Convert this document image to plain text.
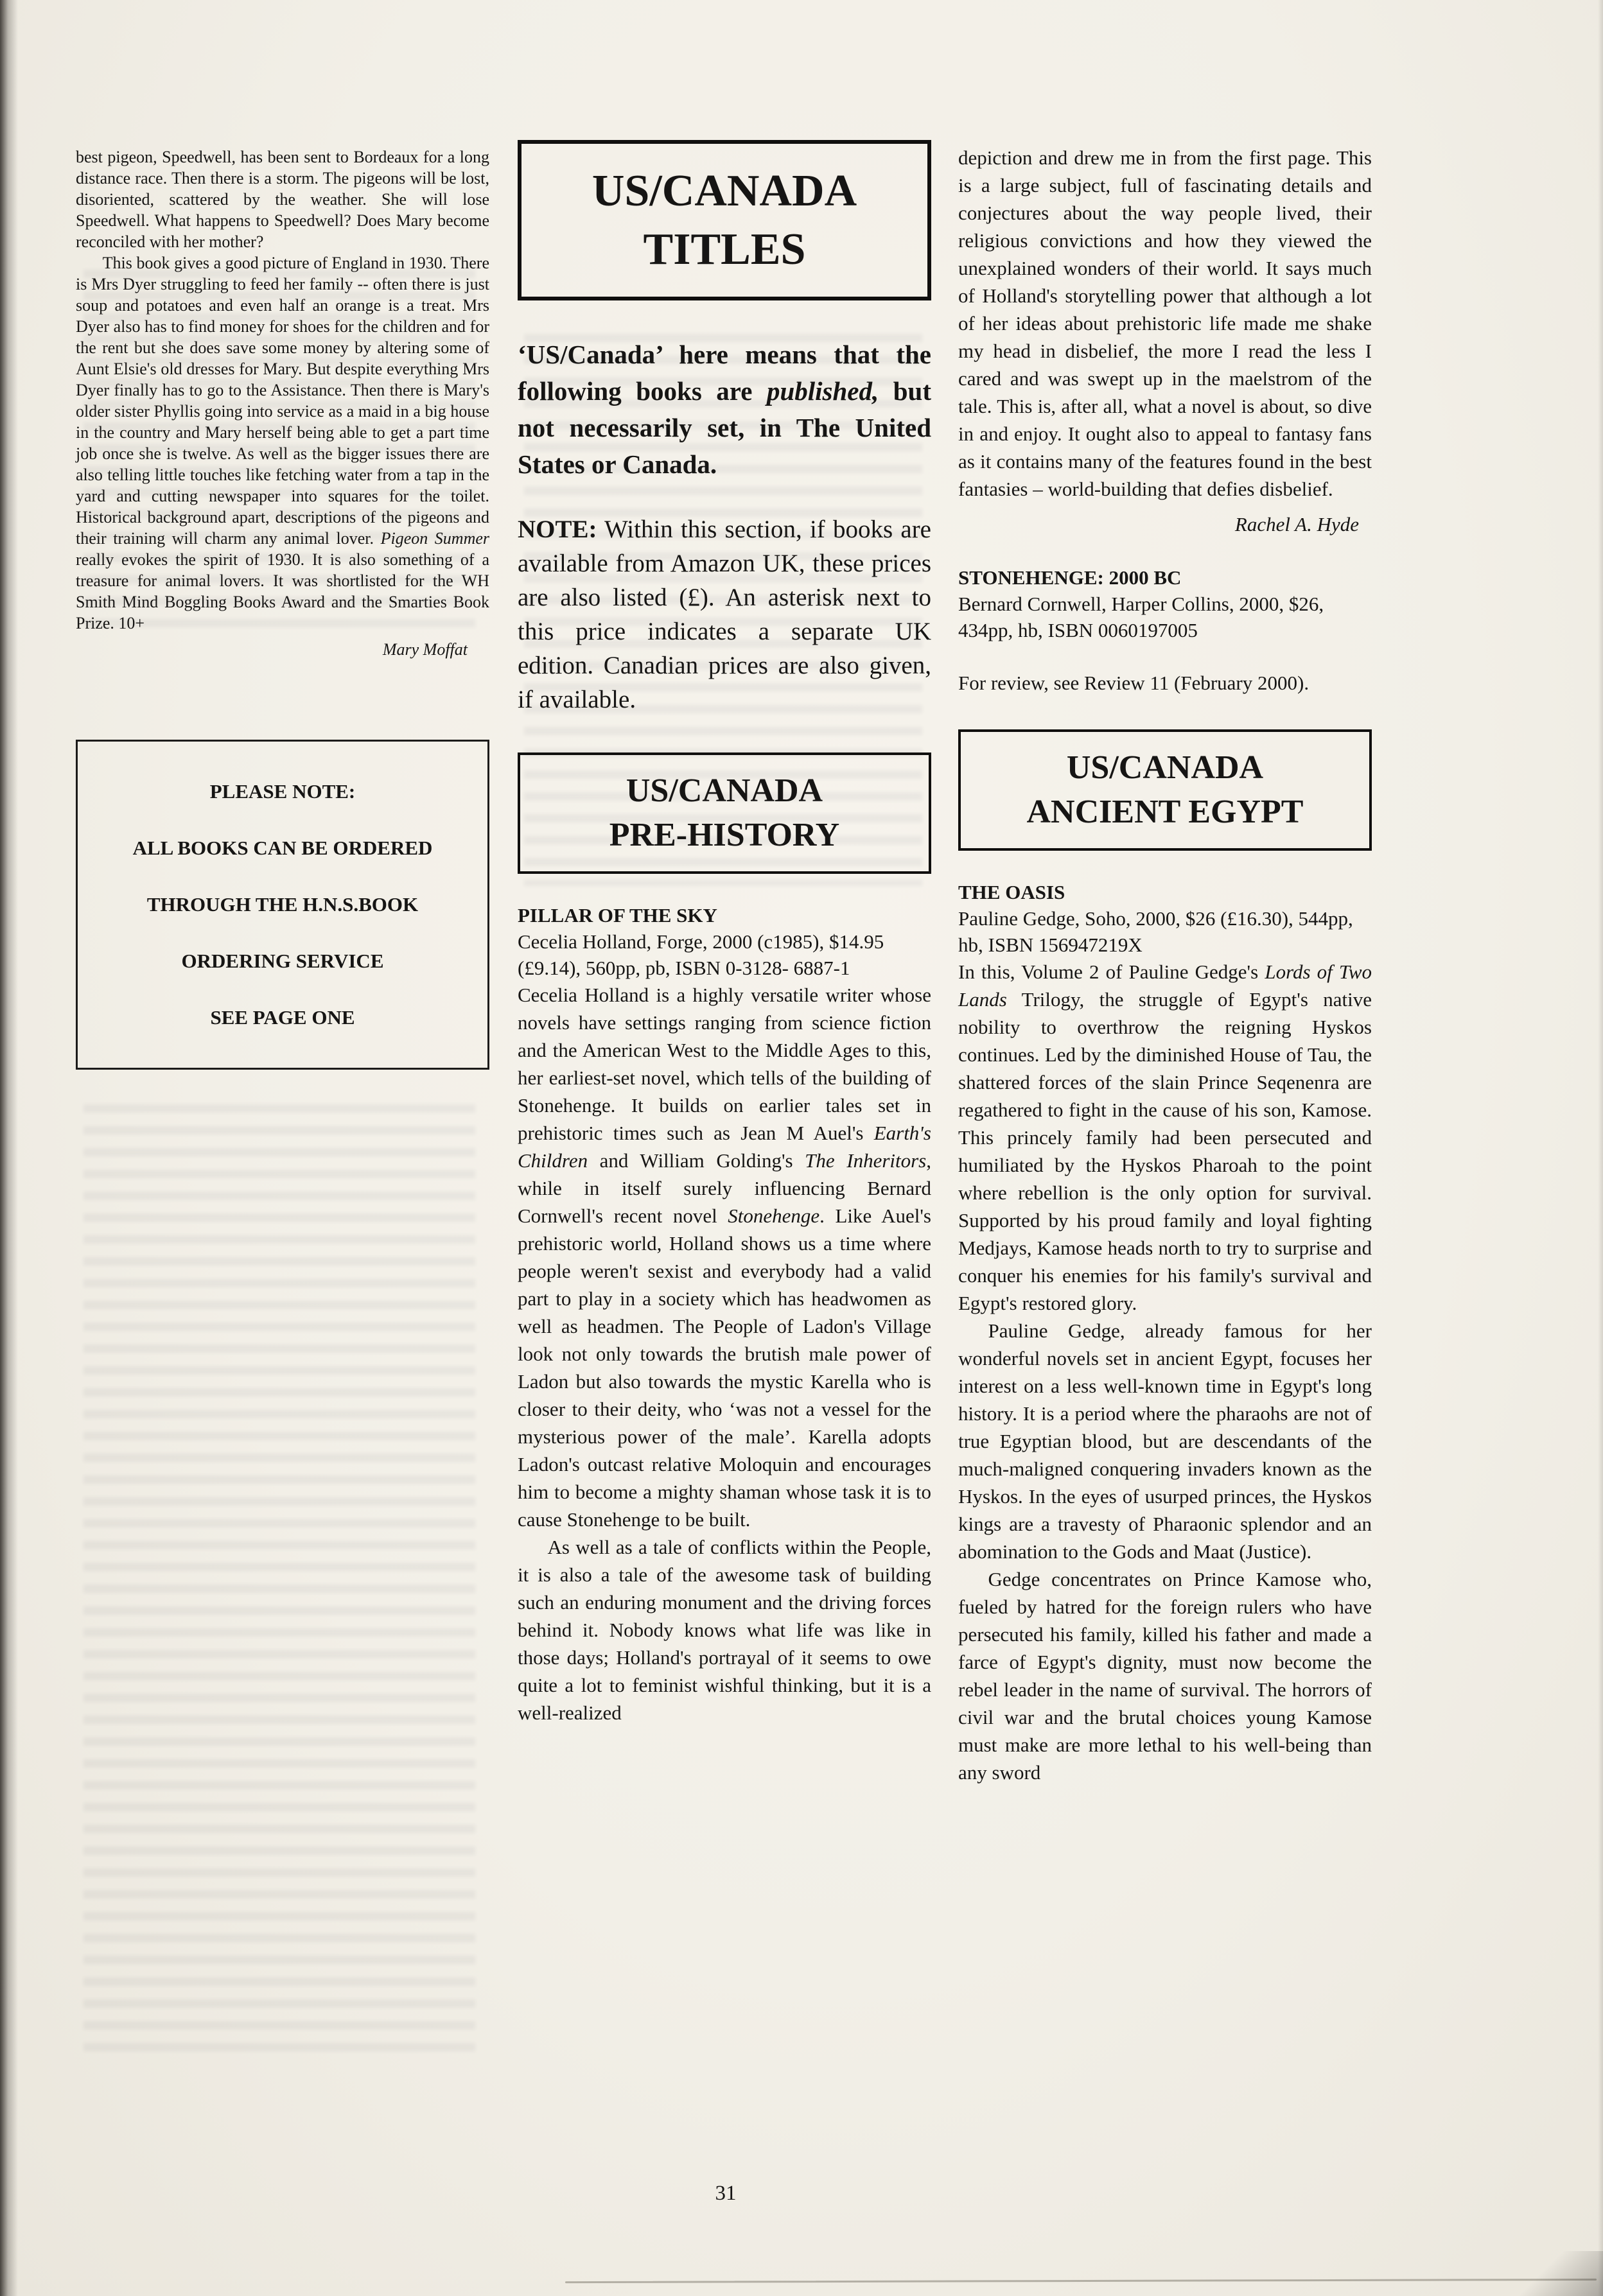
best pigeon, Speedwell, has been sent to Bordeaux for a long distance race. Then there is a storm. The pigeons will be lost, disoriented, scattered by the weather. She will lose Speedwell. What happens to Speedwell? Does Mary become reconciled with her mother?

This book gives a good picture of England in 1930. There is Mrs Dyer struggling to feed her family -- often there is just soup and potatoes and even half an orange is a treat. Mrs Dyer also has to find money for shoes for the children and for the rent but she does save some money by altering some of Aunt Elsie's old dresses for Mary. But despite everything Mrs Dyer finally has to go to the Assistance. Then there is Mary's older sister Phyllis going into service as a maid in a big house in the country and Mary herself being able to get a part time job once she is twelve. As well as the bigger issues there are also telling little touches like fetching water from a tap in the yard and cutting newspaper into squares for the toilet. Historical background apart, descriptions of the pigeons and their training will charm any animal lover. Pigeon Summer really evokes the spirit of 1930. It is also something of a treasure for animal lovers. It was shortlisted for the WH Smith Mind Boggling Books Award and the Smarties Book Prize. 10+

Mary Moffat
PLEASE NOTE:
ALL BOOKS CAN BE ORDERED
THROUGH THE H.N.S.BOOK
ORDERING SERVICE
SEE PAGE ONE
US/CANADA
TITLES

‘US/Canada’ here means that the following books are published, but not necessarily set, in The United States or Canada.

NOTE: Within this section, if books are available from Amazon UK, these prices are also listed (£). An asterisk next to this price indicates a separate UK edition. Canadian prices are also given, if available.

US/CANADA
PRE-HISTORY
PILLAR OF THE SKY
Cecelia Holland, Forge, 2000 (c1985), $14.95 (£9.14), 560pp, pb, ISBN 0-3128- 6887-1

Cecelia Holland is a highly versatile writer whose novels have settings ranging from science fiction and the American West to the Middle Ages to this, her earliest-set novel, which tells of the building of Stonehenge. It builds on earlier tales set in prehistoric times such as Jean M Auel's Earth's Children and William Golding's The Inheritors, while in itself surely influencing Bernard Cornwell's recent novel Stonehenge. Like Auel's prehistoric world, Holland shows us a time where people weren't sexist and everybody had a valid part to play in a society which has headwomen as well as headmen. The People of Ladon's Village look not only towards the brutish male power of Ladon but also towards the mystic Karella who is closer to their deity, who ‘was not a vessel for the mysterious power of the male’. Karella adopts Ladon's outcast relative Moloquin and encourages him to become a mighty shaman whose task it is to cause Stonehenge to be built.

As well as a tale of conflicts within the People, it is also a tale of the awesome task of building such an enduring monument and the driving forces behind it. Nobody knows what life was like in those days; Holland's portrayal of it seems to owe quite a lot to feminist wishful thinking, but it is a well-realized

depiction and drew me in from the first page. This is a large subject, full of fascinating details and conjectures about the way people lived, their religious convictions and how they viewed the unexplained wonders of their world. It says much of Holland's storytelling power that although a lot of her ideas about prehistoric life made me shake my head in disbelief, the more I read the less I cared and was swept up in the maelstrom of the tale. This is, after all, what a novel is about, so dive in and enjoy. It ought also to appeal to fantasy fans as it contains many of the features found in the best fantasies – world-building that defies disbelief.

Rachel A. Hyde
STONEHENGE: 2000 BC
Bernard Cornwell, Harper Collins, 2000, $26, 434pp, hb, ISBN 0060197005

For review, see Review 11 (February 2000).

US/CANADA
ANCIENT EGYPT
THE OASIS
Pauline Gedge, Soho, 2000, $26 (£16.30), 544pp, hb, ISBN 156947219X

In this, Volume 2 of Pauline Gedge's Lords of Two Lands Trilogy, the struggle of Egypt's native nobility to overthrow the reigning Hyskos continues. Led by the diminished House of Tau, the shattered forces of the slain Prince Seqenenra are regathered to fight in the cause of his son, Kamose. This princely family had been persecuted and humiliated by the Hyskos Pharoah to the point where rebellion is the only option for survival. Supported by his proud family and loyal fighting Medjays, Kamose heads north to try to surprise and conquer his enemies for his family's survival and Egypt's restored glory.

Pauline Gedge, already famous for her wonderful novels set in ancient Egypt, focuses her interest on a less well-known time in Egypt's long history. It is a period where the pharaohs are not of true Egyptian blood, but are descendants of the much-maligned conquering invaders known as the Hyskos. In the eyes of usurped princes, the Hyskos kings are a travesty of Pharaonic splendor and an abomination to the Gods and Maat (Justice).

Gedge concentrates on Prince Kamose who, fueled by hatred for the foreign rulers who have persecuted his family, killed his father and made a farce of Egypt's dignity, must now become the rebel leader in the name of survival. The horrors of civil war and the brutal choices young Kamose must make are more lethal to his well-being than any sword

31
